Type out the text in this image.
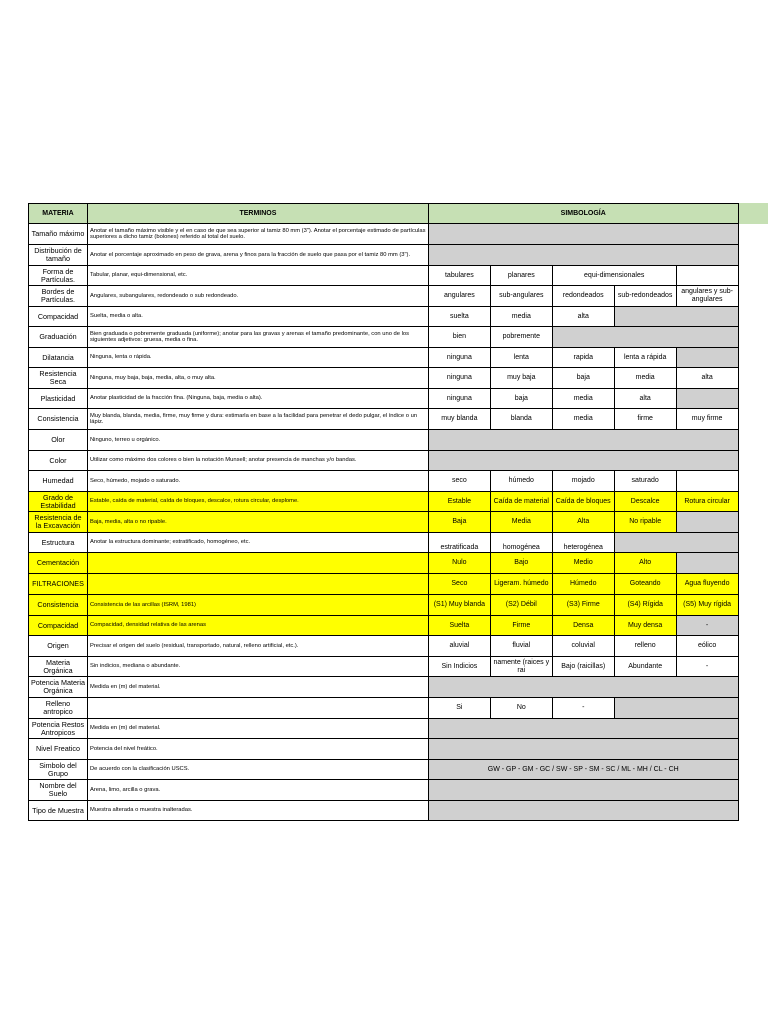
MATERIA	TERMINOS	SIMBOLOGÍA					
Tamaño máximo	Anotar el tamaño máximo visible y el en caso de que sea superior al tamiz 80 mm (3"). Anotar el porcentaje estimado de partículas superiores a dicho tamiz (bolones) referido al total del suelo.						
Distribución de tamaño	Anotar el porcentaje aproximado en peso de grava, arena y finos para la fracción de suelo que pasa por el tamiz 80 mm (3").						
Forma de Partículas.	Tabular, planar, equi-dimensional, etc.	tabulares	planares	equi-dimensionales			
Bordes de Partículas.	Angulares, subangulares, redondeado o sub redondeado.	angulares	sub-angulares	redondeados	sub-redondeados	angulares y sub-angulares	
Compacidad	Suelta, media o alta.	suelta	media	alta			
Graduación	Bien graduada o pobremente graduada (uniforme); anotar para las gravas y arenas el tamaño predominante, con uno de los siguientes adjetivos: gruesa, media o fina.	bien	pobremente				
Dilatancia	Ninguna, lenta o rápida.	ninguna	lenta	rapida	lenta a rápida		
Resistencia Seca	Ninguna, muy baja, baja, media, alta, o muy alta.	ninguna	muy baja	baja	media	alta	
Plasticidad	Anotar plasticidad de la fracción fina. (Ninguna, baja, media o alta).	ninguna	baja	media	alta		
Consistencia	Muy blanda, blanda, media, firme, muy firme y dura: estimarla en base a la facilidad para penetrar el dedo pulgar, el índice o un lápiz.	muy blanda	blanda	media	firme	muy firme	
Olor	Ninguno, terreo u orgánico.						
Color	Utilizar como máximo dos colores o bien la notación Munsell; anotar presencia de manchas y/o bandas.						
Humedad	Seco, húmedo, mojado o saturado.	seco	húmedo	mojado	saturado		
Grado de Estabilidad	Estable, caída de material, caída de bloques, descalce, rotura circular, desplome.	Estable	Caída de material	Caída de bloques	Descalce	Rotura circular	
Resistencia de la Excavación	Baja, media, alta o no ripable.	Baja	Media	Alta	No ripable		
Estructura	Anotar la estructura dominante; estratificado, homogéneo, etc.	estratificada	homogénea	heterogénea			
Cementación		Nulo	Bajo	Medio	Alto		
FILTRACIONES		Seco	Ligeram. húmedo	Húmedo	Goteando	Agua fluyendo	
Consistencia	Consistencia de las arcillas (ISRM, 1981)	(S1) Muy blanda	(S2) Débil	(S3) Firme	(S4) Rígida	(S5) Muy rígida	
Compacidad	Compacidad, densidad relativa de las arenas	Suelta	Firme	Densa	Muy densa	-	
Origen	Precisar el origen del suelo (residual, transportado, natural, relleno artificial, etc.).	aluvial	fluvial	coluvial	relleno	eólico	
Materia Orgánica	Sin indicios, mediana o abundante.	Sin Indicios	namente (raices y rai	Bajo (raicillas)	Abundante	-	
Potencia Materia Orgánica	Medida en (m) del material.						
Relleno antropico		Si	No	-			
Potencia Restos Antropicos	Medida en (m) del material.						
Nivel Freatico	Potencia del nivel freático.						
Simbolo del Grupo	De acuerdo con la clasificación USCS.	GW - GP - GM - GC / SW - SP - SM - SC / ML - MH / CL - CH					
Nombre del Suelo	Arena, limo, arcilla o grava.						
Tipo de Muestra	Muestra alterada o muestra inalteradas.						
